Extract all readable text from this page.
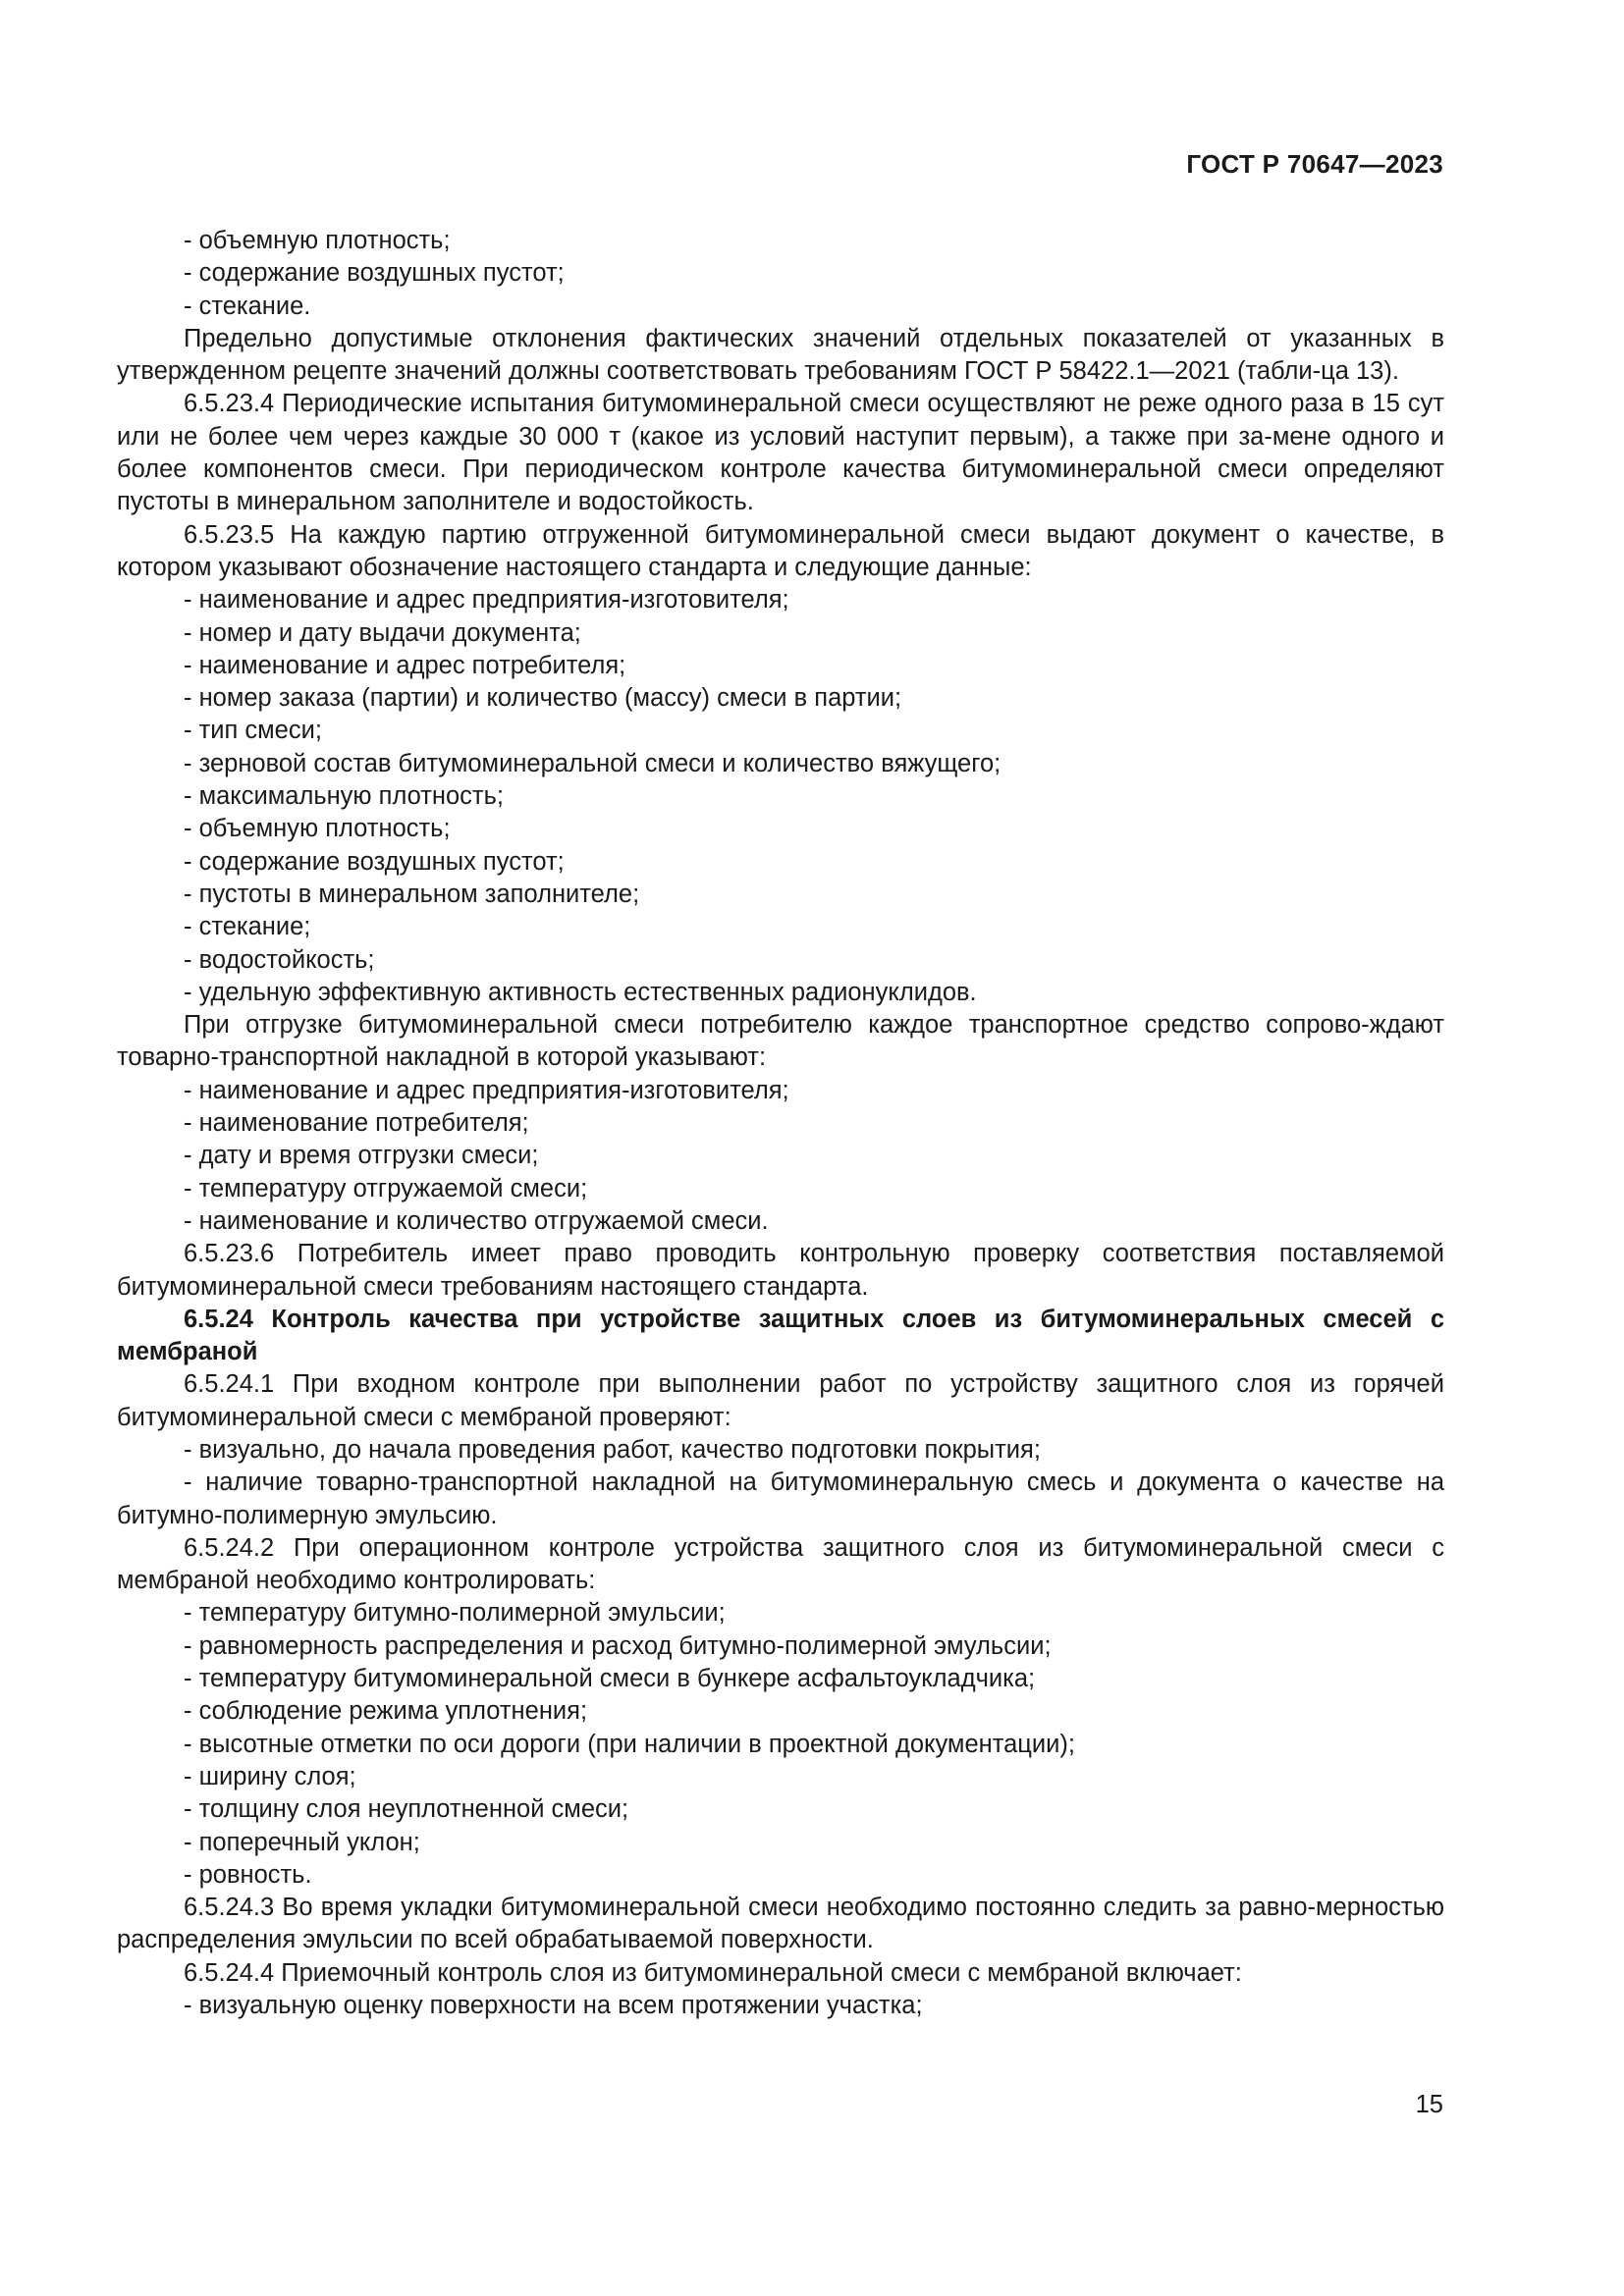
ГОСТ Р 70647—2023
- объемную плотность;
- содержание воздушных пустот;
- стекание.
Предельно допустимые отклонения фактических значений отдельных показателей от указанных в утвержденном рецепте значений должны соответствовать требованиям ГОСТ Р 58422.1—2021 (табли-ца 13).
6.5.23.4 Периодические испытания битумоминеральной смеси осуществляют не реже одного раза в 15 сут или не более чем через каждые 30 000 т (какое из условий наступит первым), а также при за-мене одного и более компонентов смеси. При периодическом контроле качества битумоминеральной смеси определяют пустоты в минеральном заполнителе и водостойкость.
6.5.23.5 На каждую партию отгруженной битумоминеральной смеси выдают документ о качестве, в котором указывают обозначение настоящего стандарта и следующие данные:
- наименование и адрес предприятия-изготовителя;
- номер и дату выдачи документа;
- наименование и адрес потребителя;
- номер заказа (партии) и количество (массу) смеси в партии;
- тип смеси;
- зерновой состав битумоминеральной смеси и количество вяжущего;
- максимальную плотность;
- объемную плотность;
- содержание воздушных пустот;
- пустоты в минеральном заполнителе;
- стекание;
- водостойкость;
- удельную эффективную активность естественных радионуклидов.
При отгрузке битумоминеральной смеси потребителю каждое транспортное средство сопрово-ждают товарно-транспортной накладной в которой указывают:
- наименование и адрес предприятия-изготовителя;
- наименование потребителя;
- дату и время отгрузки смеси;
- температуру отгружаемой смеси;
- наименование и количество отгружаемой смеси.
6.5.23.6 Потребитель имеет право проводить контрольную проверку соответствия поставляемой битумоминеральной смеси требованиям настоящего стандарта.
6.5.24 Контроль качества при устройстве защитных слоев из битумоминеральных смесей с мембраной
6.5.24.1 При входном контроле при выполнении работ по устройству защитного слоя из горячей битумоминеральной смеси с мембраной проверяют:
- визуально, до начала проведения работ, качество подготовки покрытия;
- наличие товарно-транспортной накладной на битумоминеральную смесь и документа о качестве на битумно-полимерную эмульсию.
6.5.24.2 При операционном контроле устройства защитного слоя из битумоминеральной смеси с мембраной необходимо контролировать:
- температуру битумно-полимерной эмульсии;
- равномерность распределения и расход битумно-полимерной эмульсии;
- температуру битумоминеральной смеси в бункере асфальтоукладчика;
- соблюдение режима уплотнения;
- высотные отметки по оси дороги (при наличии в проектной документации);
- ширину слоя;
- толщину слоя неуплотненной смеси;
- поперечный уклон;
- ровность.
6.5.24.3 Во время укладки битумоминеральной смеси необходимо постоянно следить за равно-мерностью распределения эмульсии по всей обрабатываемой поверхности.
6.5.24.4 Приемочный контроль слоя из битумоминеральной смеси с мембраной включает:
- визуальную оценку поверхности на всем протяжении участка;
15
